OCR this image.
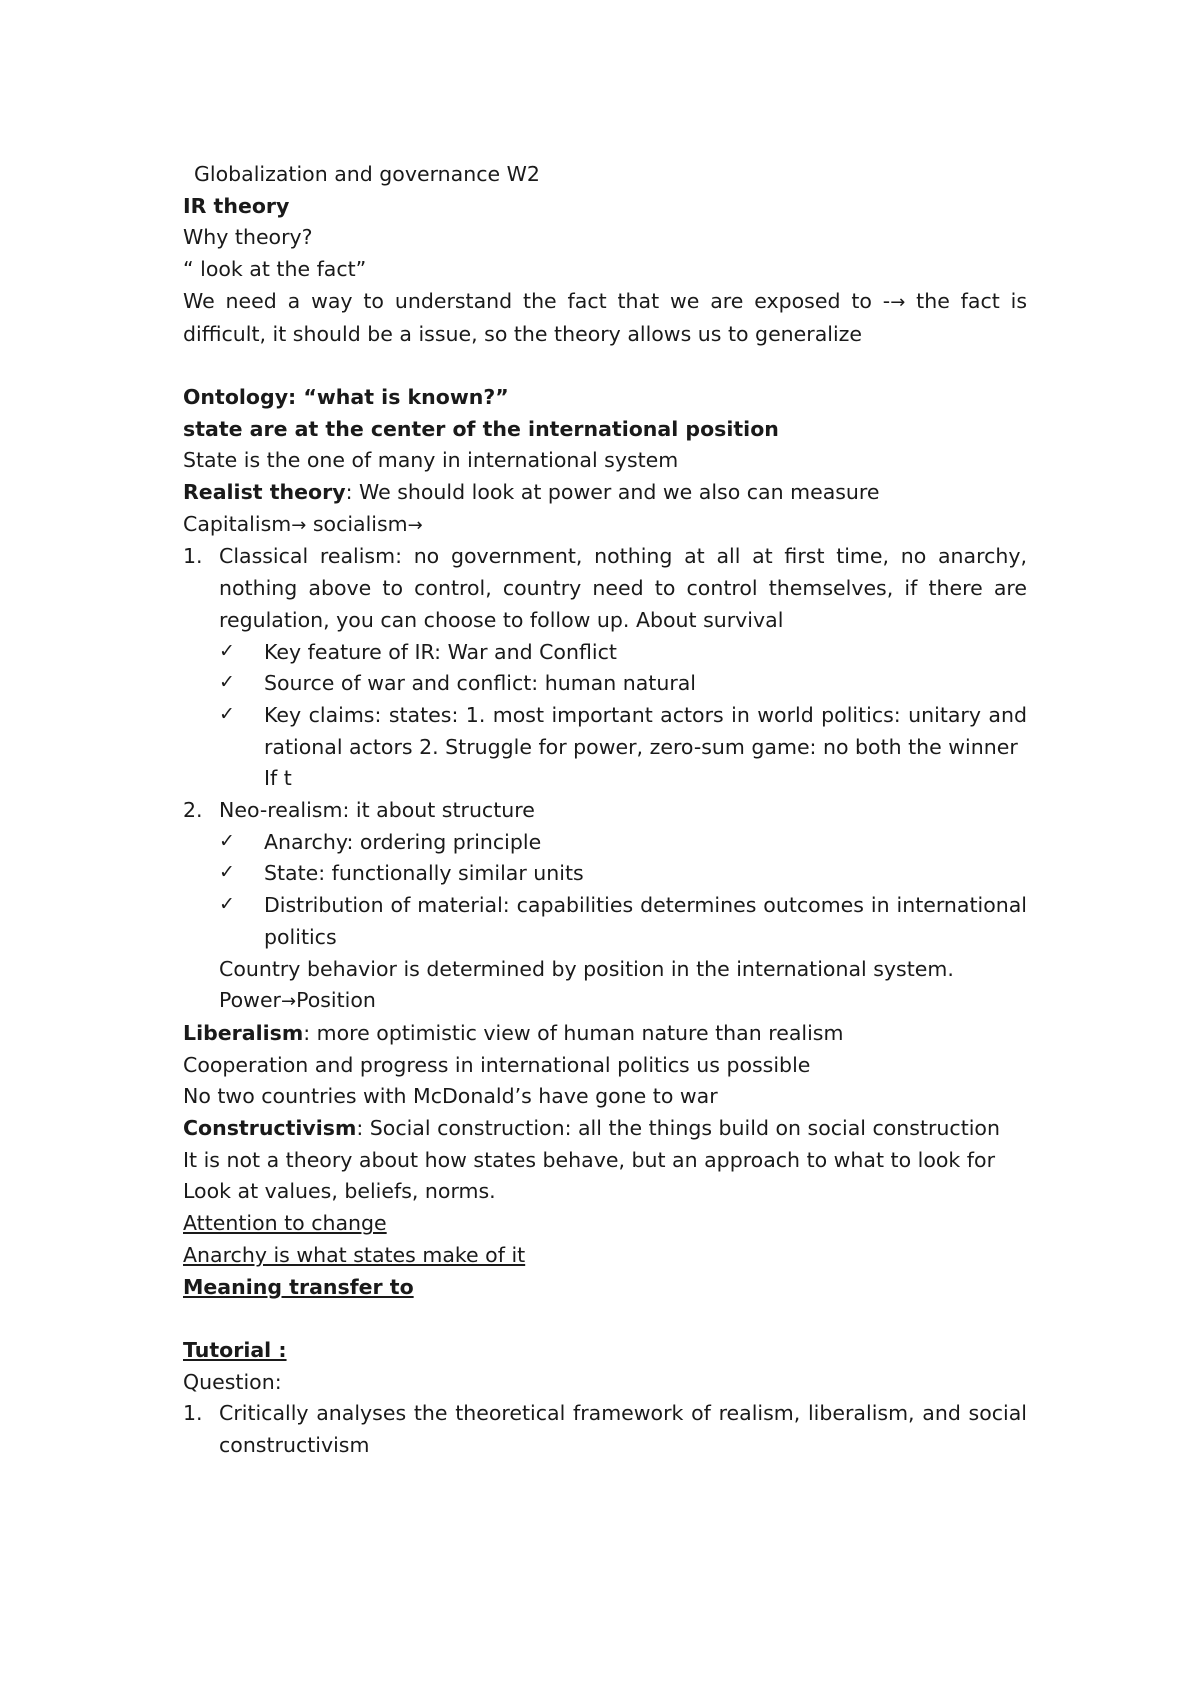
Globalization and governance W2

IR theory

Why theory?

“ look at the fact”

We need a way to understand the fact that we are exposed to -→ the fact is difficult, it should be a issue, so the theory allows us to generalize

Ontology: “what is known?”

state are at the center of the international position

State is the one of many in international system

Realist theory: We should look at power and we also can measure

Capitalism→ socialism→

1. Classical realism: no government, nothing at all at first time, no anarchy, nothing above to control, country need to control themselves, if there are regulation, you can choose to follow up. About survival
✓ Key feature of IR: War and Conflict
✓ Source of war and conflict: human natural
✓ Key claims: states: 1. most important actors in world politics: unitary and rational actors 2. Struggle for power, zero-sum game: no both the winner

If t

2. Neo-realism: it about structure
✓ Anarchy: ordering principle
✓ State: functionally similar units
✓ Distribution of material: capabilities determines outcomes in international politics

Country behavior is determined by position in the international system.

Power→Position

Liberalism: more optimistic view of human nature than realism

Cooperation and progress in international politics us possible

No two countries with McDonald’s have gone to war

Constructivism: Social construction: all the things build on social construction

It is not a theory about how states behave, but an approach to what to look for

Look at values, beliefs, norms.

Attention to change

Anarchy is what states make of it

Meaning transfer to

Tutorial :

Question:

1. Critically analyses the theoretical framework of realism, liberalism, and social constructivism
